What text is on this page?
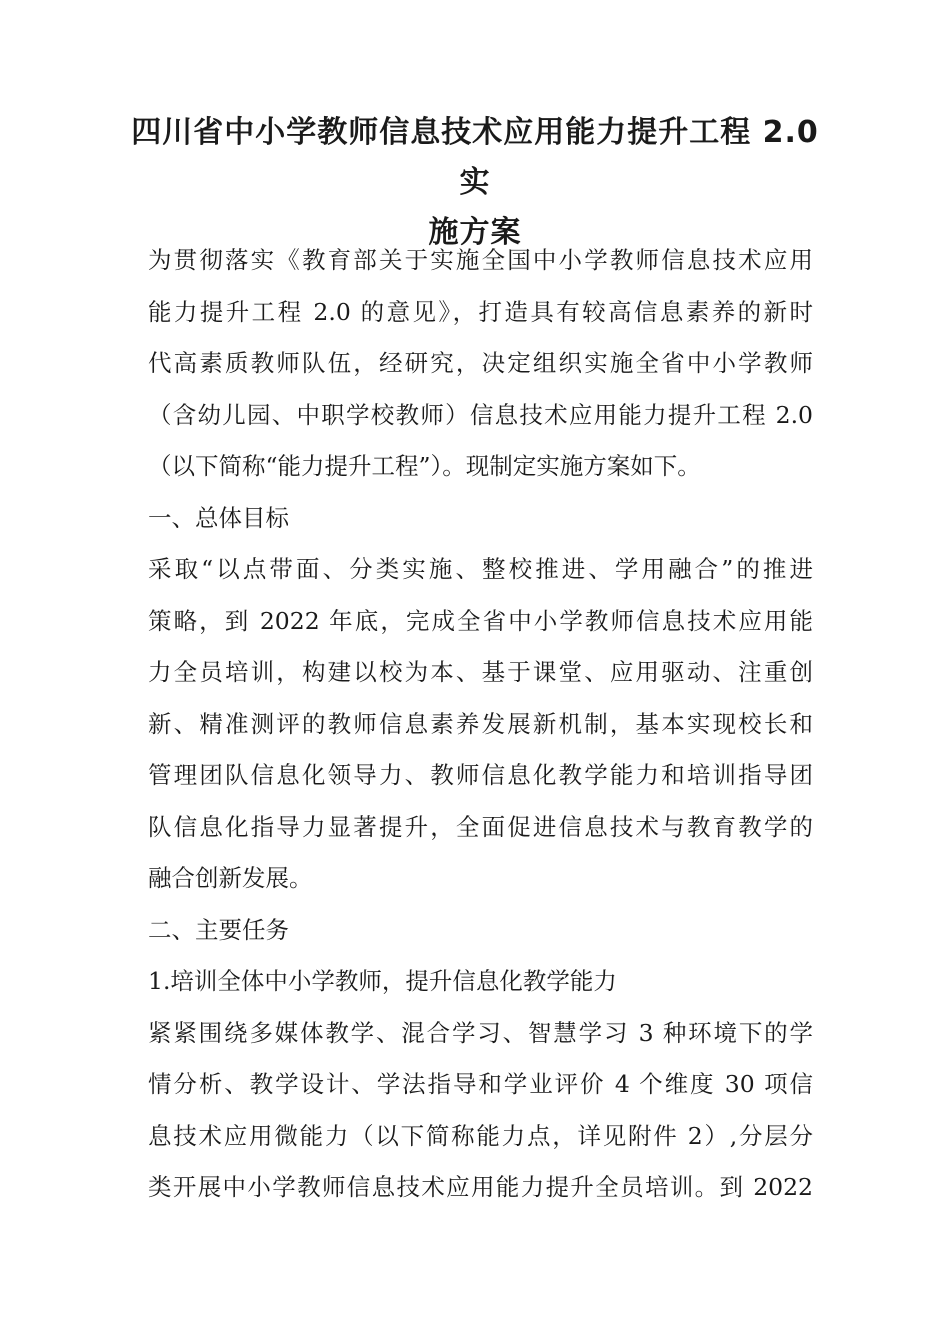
四川省中小学教师信息技术应用能力提升工程 2.0 实
施方案
为贯彻落实《教育部关于实施全国中小学教师信息技术应用
能力提升工程 2.0 的意见》，打造具有较高信息素养的新时
代高素质教师队伍，经研究，决定组织实施全省中小学教师
（含幼儿园、中职学校教师）信息技术应用能力提升工程 2.0
（以下简称“能力提升工程”）。现制定实施方案如下。
一、总体目标
采取“以点带面、分类实施、整校推进、学用融合”的推进
策略，到 2022 年底，完成全省中小学教师信息技术应用能
力全员培训，构建以校为本、基于课堂、应用驱动、注重创
新、精准测评的教师信息素养发展新机制，基本实现校长和
管理团队信息化领导力、教师信息化教学能力和培训指导团
队信息化指导力显著提升，全面促进信息技术与教育教学的
融合创新发展。
二、主要任务
1.培训全体中小学教师，提升信息化教学能力
紧紧围绕多媒体教学、混合学习、智慧学习 3 种环境下的学
情分析、教学设计、学法指导和学业评价 4 个维度 30 项信
息技术应用微能力（以下简称能力点，详见附件 2）,分层分
类开展中小学教师信息技术应用能力提升全员培训。到 2022
